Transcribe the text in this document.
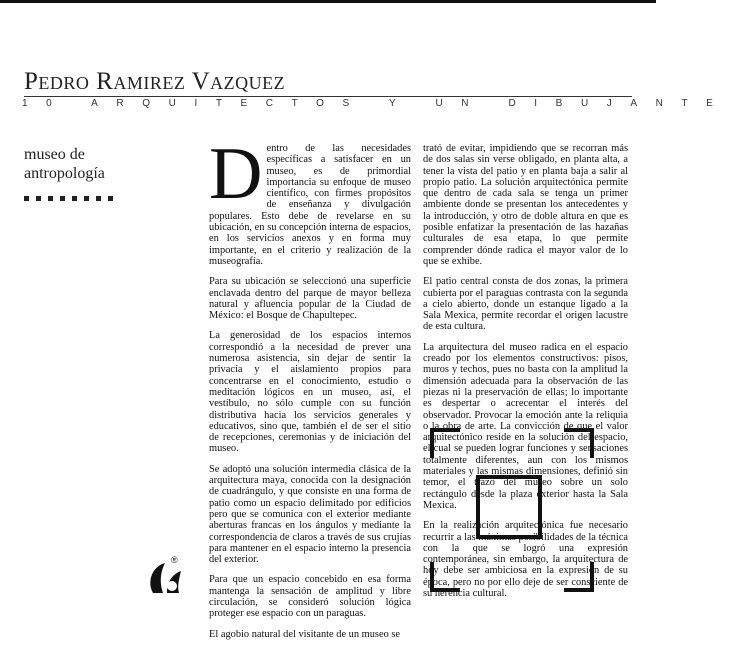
Pedro Ramirez Vazquez
10 ARQUITECTOS Y UN DIBUJANTE
museo de
antropología Dentro de las necesidades específicas a satisfacer en un museo, es de primordial importancia su enfoque de museo científico, con firmes propósitos de enseñanza y divulgación populares. Esto debe de revelarse en su ubicación, en su concepción interna de espacios, en los servicios anexos y en forma muy importante, en el criterio y realización de la museografía.

Para su ubicación se seleccionó una superficie enclavada dentro del parque de mayor belleza natural y afluencia popular de la Ciudad de México: el Bosque de Chapultepec.

La generosidad de los espacios internos correspondió a la necesidad de prever una numerosa asistencia, sin dejar de sentir la privacía y el aislamiento propios para concentrarse en el conocimiento, estudio o meditación lógicos en un museo, así, el vestíbulo, no sólo cumple con su función distributiva hacia los servicios generales y educativos, sino que, también el de ser el sitio de recepciones, ceremonias y de iniciación del museo.

Se adoptó una solución intermedia clásica de la arquitectura maya, conocida con la designación de cuadrángulo, y que consiste en una forma de patio como un espacio delimitado por edificios pero que se comunica con el exterior mediante aberturas francas en los ángulos y mediante la correspondencia de claros a través de sus crujías para mantener en el espacio interno la presencia del exterior.

Para que un espacio concebido en esa forma mantenga la sensación de amplitud y libre circulación, se consideró solución lógica proteger ese espacio con un paraguas.

El agobio natural del visitante de un museo se

trató de evitar, impidiendo que se recorran más de dos salas sin verse obligado, en planta alta, a tener la vista del patio y en planta baja a salir al propio patio. La solución arquitectónica permite que dentro de cada sala se tenga un primer ambiente donde se presentan los antecedentes y la introducción, y otro de doble altura en que es posible enfatizar la presentación de las hazañas culturales de esa etapa, lo que permite comprender dónde radica el mayor valor de lo que se exhibe.

El patio central consta de dos zonas, la primera cubierta por el paraguas contrasta con la segunda a cielo abierto, donde un estanque ligado a la Sala Mexica, permite recordar el origen lacustre de esta cultura.

La arquitectura del museo radica en el espacio creado por los elementos constructivos: pisos, muros y techos, pues no basta con la amplitud la dimensión adecuada para la observación de las piezas ni la preservación de ellas; lo importante es despertar o acrecentar el interés del observador. Provocar la emoción ante la reliquia o la obra de arte. La convicción de que el valor arquitectónico reside en la solución del espacio, el cual se pueden lograr funciones y sensaciones totalmente diferentes, aun con los mismos materiales y las mismas dimensiones, definió sin temor, el trazo del museo sobre un solo rectángulo desde la plaza exterior hasta la Sala Mexica.

En la realización arquitectónica fue necesario recurrir a las máximas posibilidades de la técnica con la que se logró una expresión contemporánea, sin embargo, la arquitectura de hoy debe ser ambiciosa en la expresión de su época, pero no por ello deje de ser consciente de su herencia cultural.

®
